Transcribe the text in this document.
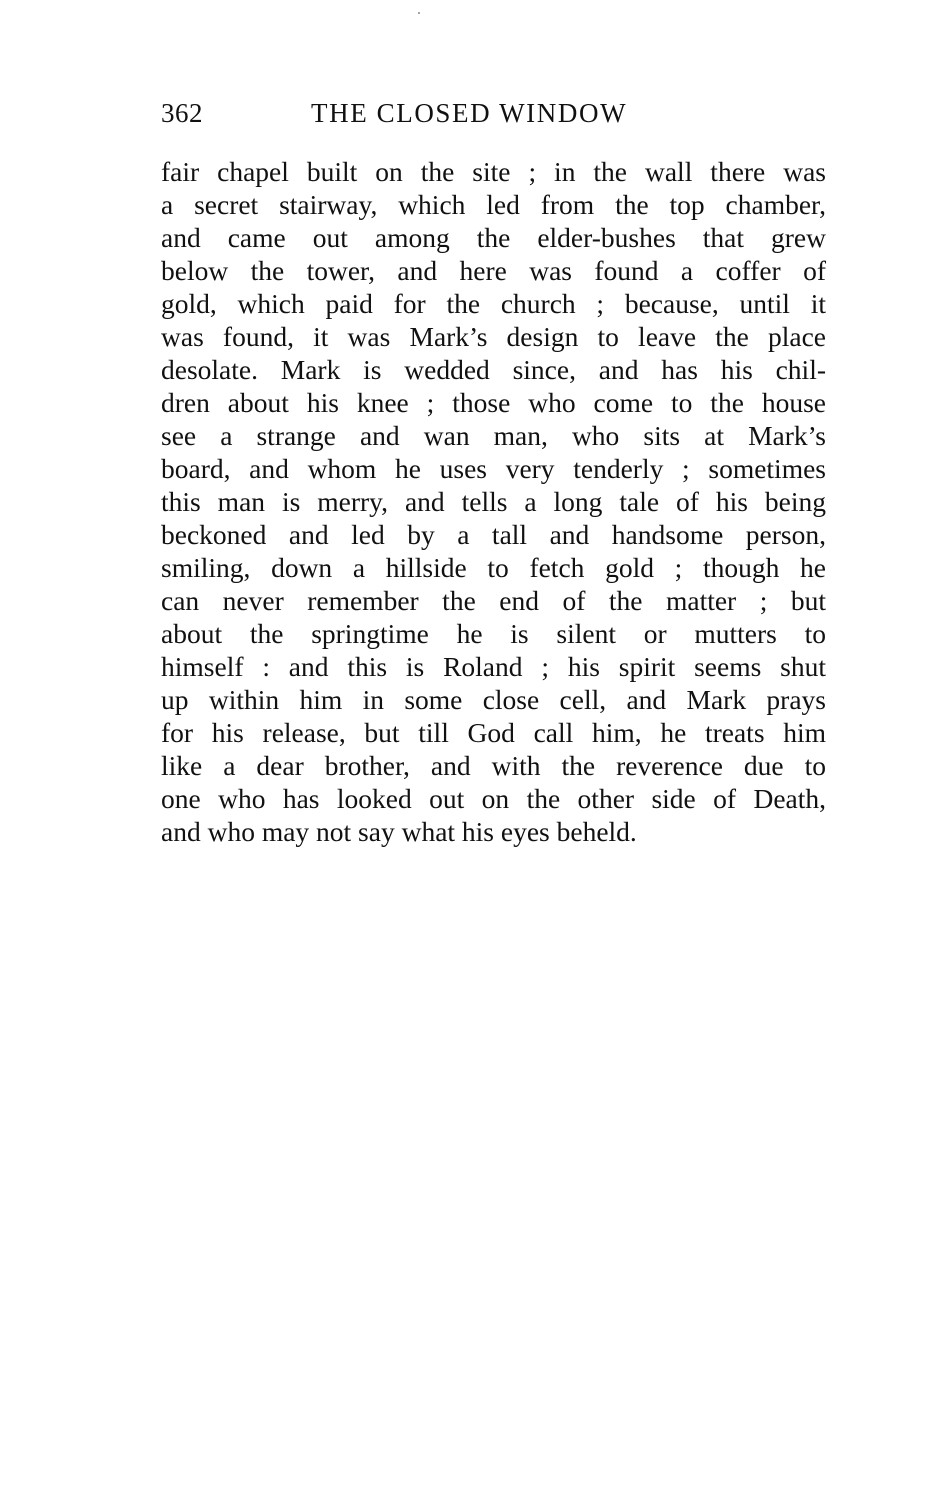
362	THE CLOSED WINDOW
fair chapel built on the site ; in the wall there was
a secret stairway, which led from the top chamber,
and came out among the elder-bushes that grew
below the tower, and here was found a coffer of
gold, which paid for the church ; because, until it
was found, it was Mark’s design to leave the place
desolate. Mark is wedded since, and has his chil-
dren about his knee ; those who come to the house
see a strange and wan man, who sits at Mark’s
board, and whom he uses very tenderly ; sometimes
this man is merry, and tells a long tale of his being
beckoned and led by a tall and handsome person,
smiling, down a hillside to fetch gold ; though he
can never remember the end of the matter ; but
about the springtime he is silent or mutters to
himself : and this is Roland ; his spirit seems shut
up within him in some close cell, and Mark prays
for his release, but till God call him, he treats him
like a dear brother, and with the reverence due to
one who has looked out on the other side of Death,
and who may not say what his eyes beheld.
